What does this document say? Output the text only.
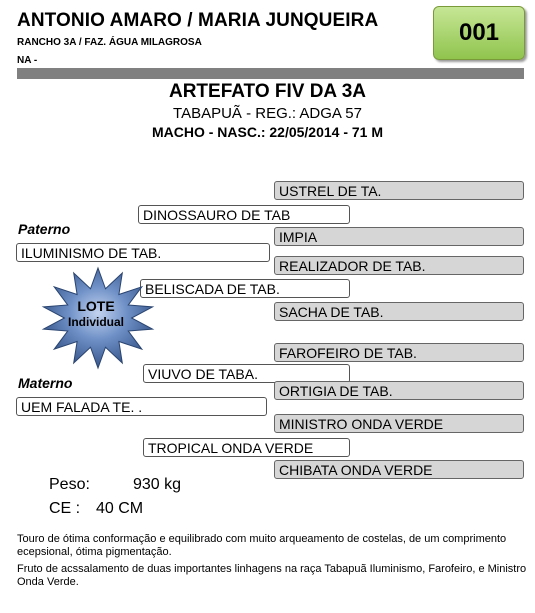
ANTONIO AMARO / MARIA JUNQUEIRA
RANCHO 3A / FAZ. ÁGUA MILAGROSA
NA -
001
ARTEFATO FIV DA 3A
TABAPUÃ - REG.: ADGA 57
MACHO - NASC.: 22/05/2014 - 71 M
USTREL DE TA.
DINOSSAURO DE TAB
Paterno	IMPIA
ILUMINISMO DE TAB.
REALIZADOR DE TAB.
BELISCADA DE TAB.
SACHA DE TAB.
FAROFEIRO DE TAB.
VIUVO DE TABA.
Materno	ORTIGIA DE TAB.
UEM FALADA TE. .
MINISTRO ONDA VERDE
TROPICAL ONDA VERDE
CHIBATA ONDA VERDE
LOTE
Individual
Peso:	930 kg
CE : 40 CM
Touro de ótima conformação e equilibrado com muito arqueamento de costelas, de um comprimento ecepsional, ótima pigmentação.
Fruto de acssalamento de duas importantes linhagens na raça Tabapuã Iluminismo, Farofeiro, e Ministro Onda Verde.
